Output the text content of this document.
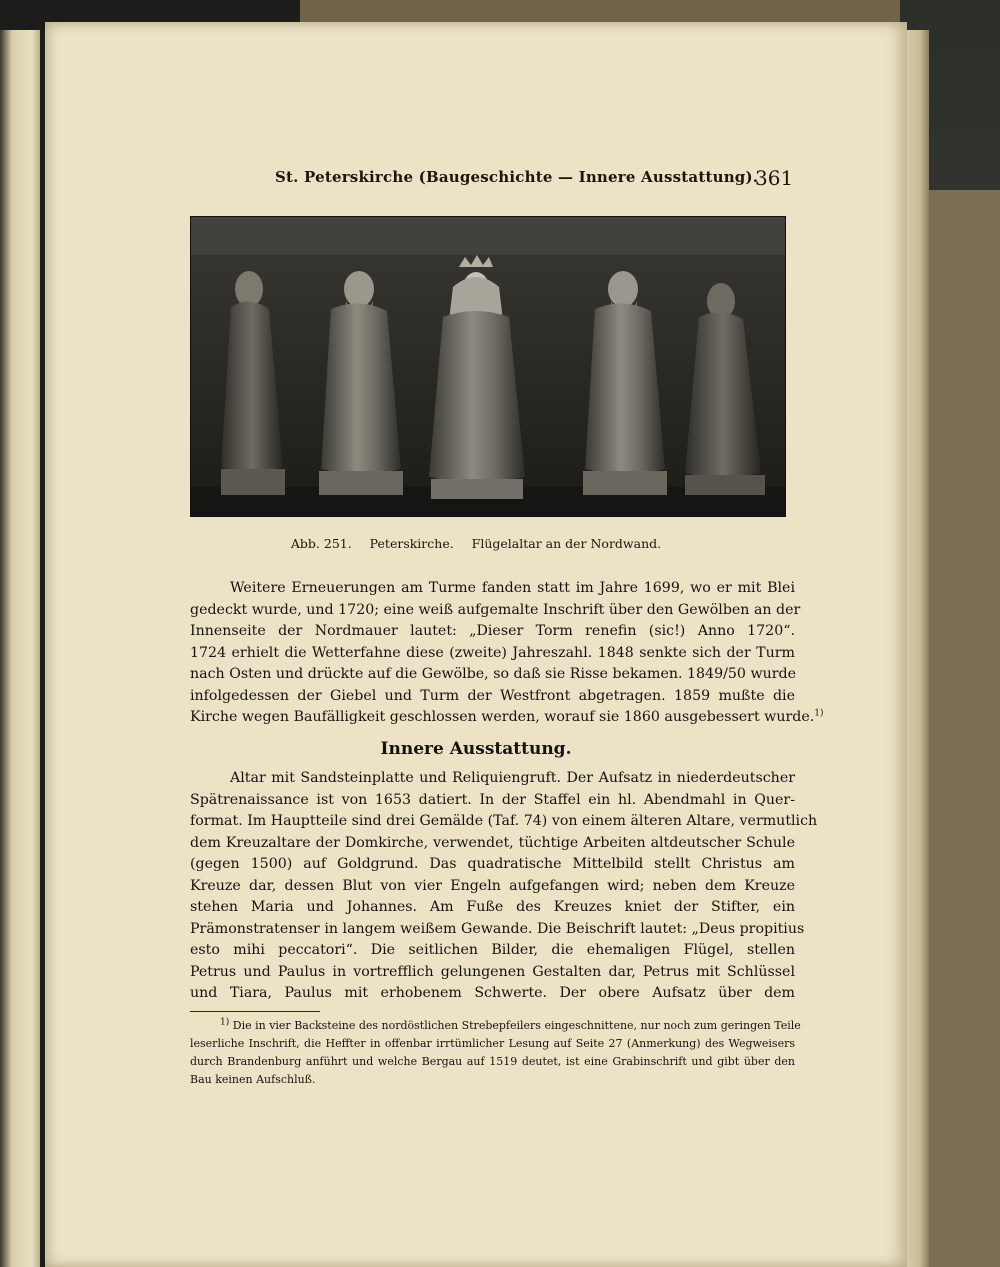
St. Peterskirche (Baugeschichte — Innere Ausstattung).
361
Abb. 251. Peterskirche. Flügelaltar an der Nordwand.
Weitere Erneuerungen am Turme fanden statt im Jahre 1699, wo er mit Blei
gedeckt wurde, und 1720; eine weiß aufgemalte Inschrift über den Gewölben an der
Innenseite der Nordmauer lautet: „Dieser Torm renefin (sic!) Anno 1720“.
1724 erhielt die Wetterfahne diese (zweite) Jahreszahl. 1848 senkte sich der Turm
nach Osten und drückte auf die Gewölbe, so daß sie Risse bekamen. 1849/50 wurde
infolgedessen der Giebel und Turm der Westfront abgetragen. 1859 mußte die
Kirche wegen Baufälligkeit geschlossen werden, worauf sie 1860 ausgebessert wurde.$^{1)}$
Innere Ausstattung.
Altar mit Sandsteinplatte und Reliquiengruft. Der Aufsatz in niederdeutscher
Spätrenaissance ist von 1653 datiert. In der Staffel ein hl. Abendmahl in Quer-
format. Im Hauptteile sind drei Gemälde (Taf. 74) von einem älteren Altare, vermutlich
dem Kreuzaltare der Domkirche, verwendet, tüchtige Arbeiten altdeutscher Schule
(gegen 1500) auf Goldgrund. Das quadratische Mittelbild stellt Christus am
Kreuze dar, dessen Blut von vier Engeln aufgefangen wird; neben dem Kreuze
stehen Maria und Johannes. Am Fuße des Kreuzes kniet der Stifter, ein
Prämonstratenser in langem weißem Gewande. Die Beischrift lautet: „Deus propitius
esto mihi peccatori“. Die seitlichen Bilder, die ehemaligen Flügel, stellen
Petrus und Paulus in vortrefflich gelungenen Gestalten dar, Petrus mit Schlüssel
und Tiara, Paulus mit erhobenem Schwerte. Der obere Aufsatz über dem
$^{1)}$ Die in vier Backsteine des nordöstlichen Strebepfeilers eingeschnittene, nur noch zum geringen Teile
leserliche Inschrift, die Heffter in offenbar irrtümlicher Lesung auf Seite 27 (Anmerkung) des Wegweisers
durch Brandenburg anführt und welche Bergau auf 1519 deutet, ist eine Grabinschrift und gibt über den
Bau keinen Aufschluß.
